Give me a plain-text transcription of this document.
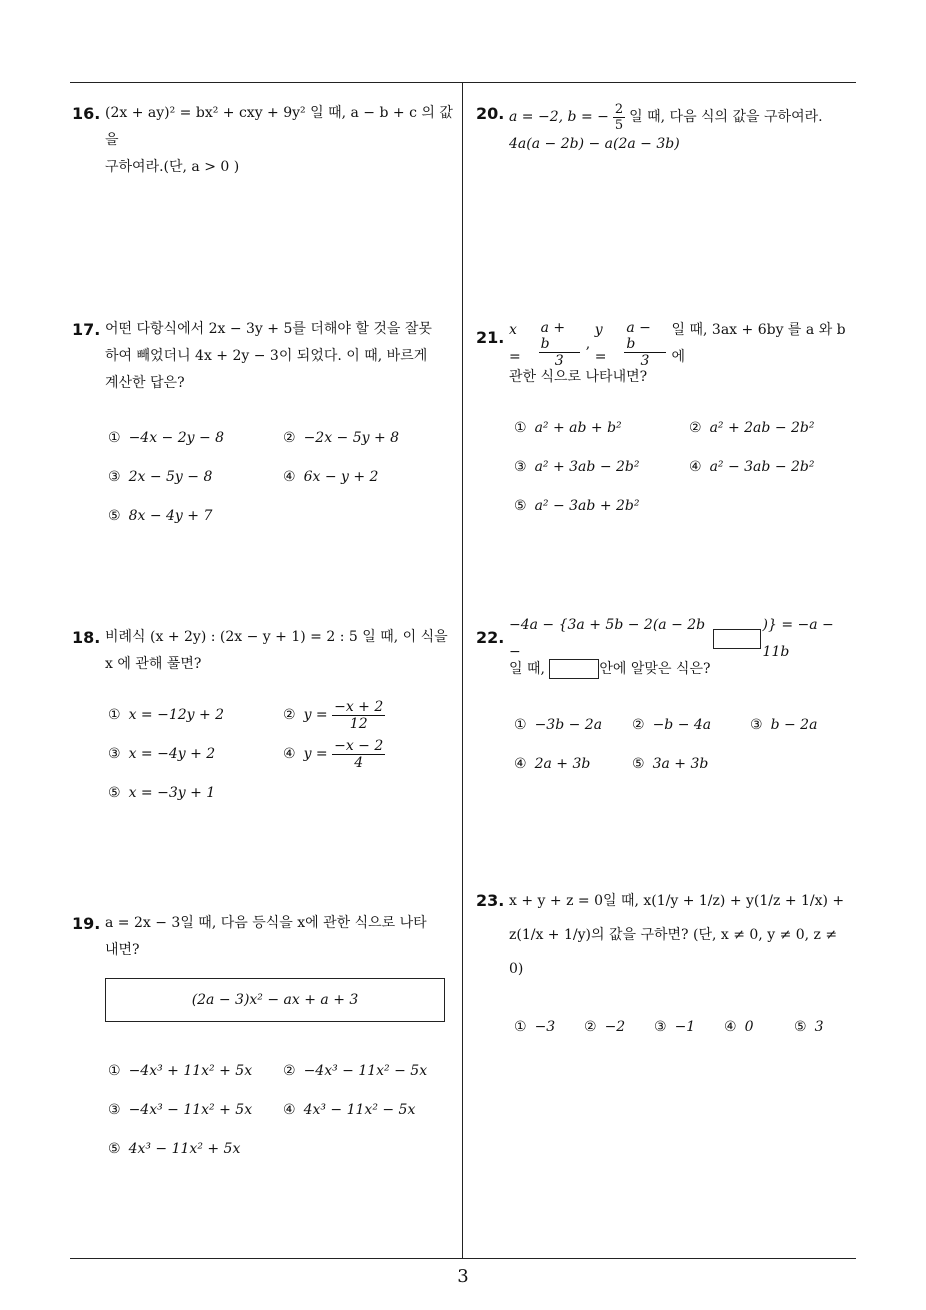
16. (2x + ay)² = bx² + cxy + 9y² 일 때, a − b + c 의 값을
구하여라.(단, a > 0 )
17. 어떤 다항식에서 2x − 3y + 5를 더해야 할 것을 잘못
하여 빼었더니 4x + 2y − 3이 되었다. 이 때, 바르게
계산한 답은?
① −4x − 2y − 8	② −2x − 5y + 8
③ 2x − 5y − 8	④ 6x − y + 2
⑤ 8x − 4y + 7
18. 비례식 (x + 2y) : (2x − y + 1) = 2 : 5 일 때, 이 식을
x 에 관해 풀면?
① x = −12y + 2	② y =
$\frac{-x + 2}{12}$
③ x = −4y + 2	④ y =
$\frac{-x - 2}{4}$
⑤ x = −3y + 1
19. a = 2x − 3일 때, 다음 등식을 x에 관한 식으로 나타
내면?
(2a − 3)x² − ax + a + 3
① −4x³ + 11x² + 5x ② −4x³ − 11x² − 5x
③ −4x³ − 11x² + 5x ④ 4x³ − 11x² − 5x
⑤ 4x³ − 11x² + 5x
20. a = −2,
b = − $\frac{2}{5}$ 일 때, 다음 식의 값을 구하여라.
4a(a − 2b) − a(2a − 3b)
21. x =	$\frac{a + b}{3}$ ,
y =	$\frac{a - b}{3}$ 일 때, 3ax + 6by 를 a 와 b 에
관한 식으로 나타내면?
① a² + ab + b²	② a² + 2ab − 2b²
③ a² + 3ab − 2b²	④ a² − 3ab − 2b²
⑤ a² − 3ab + 2b²
22.
−4a − {3a + 5b − 2(a − 2b −
)} = −a − 11b
일 때,
	안에 알맞은 식은?
① −3b − 2a ② −b − 4a	③ b − 2a
④ 2a + 3b	⑤ 3a + 3b
23. x + y + z = 0일 때, x(1/y + 1/z) + y(1/z + 1/x) +
z(1/x + 1/y)의 값을 구하면? (단, x ≠ 0, y ≠ 0, z ≠
0)
① −3 ② −2 ③ −1 ④ 0	⑤ 3
3
